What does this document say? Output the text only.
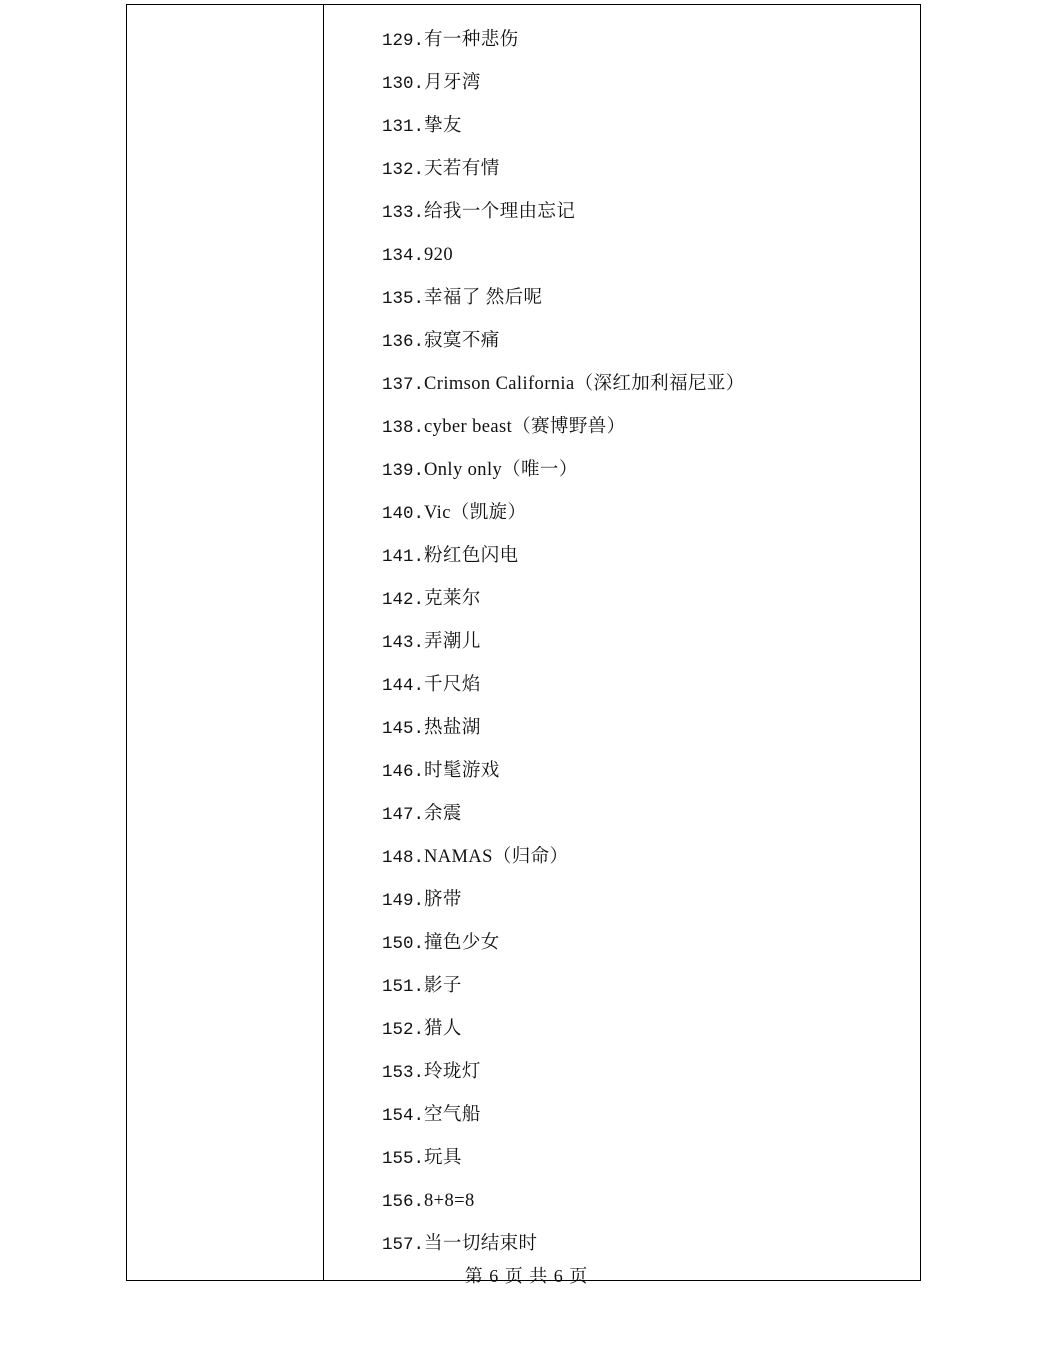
129.有一种悲伤
130.月牙湾
131.挚友
132.天若有情
133.给我一个理由忘记
134.920
135.幸福了 然后呢
136.寂寞不痛
137.Crimson California（深红加利福尼亚）
138.cyber beast（赛博野兽）
139.Only only（唯一）
140.Vic（凯旋）
141.粉红色闪电
142.克莱尔
143.弄潮儿
144.千尺焰
145.热盐湖
146.时髦游戏
147.余震
148.NAMAS（归命）
149.脐带
150.撞色少女
151.影子
152.猎人
153.玲珑灯
154.空气船
155.玩具
156.8+8=8
157.当一切结束时
第 6 页 共 6 页
